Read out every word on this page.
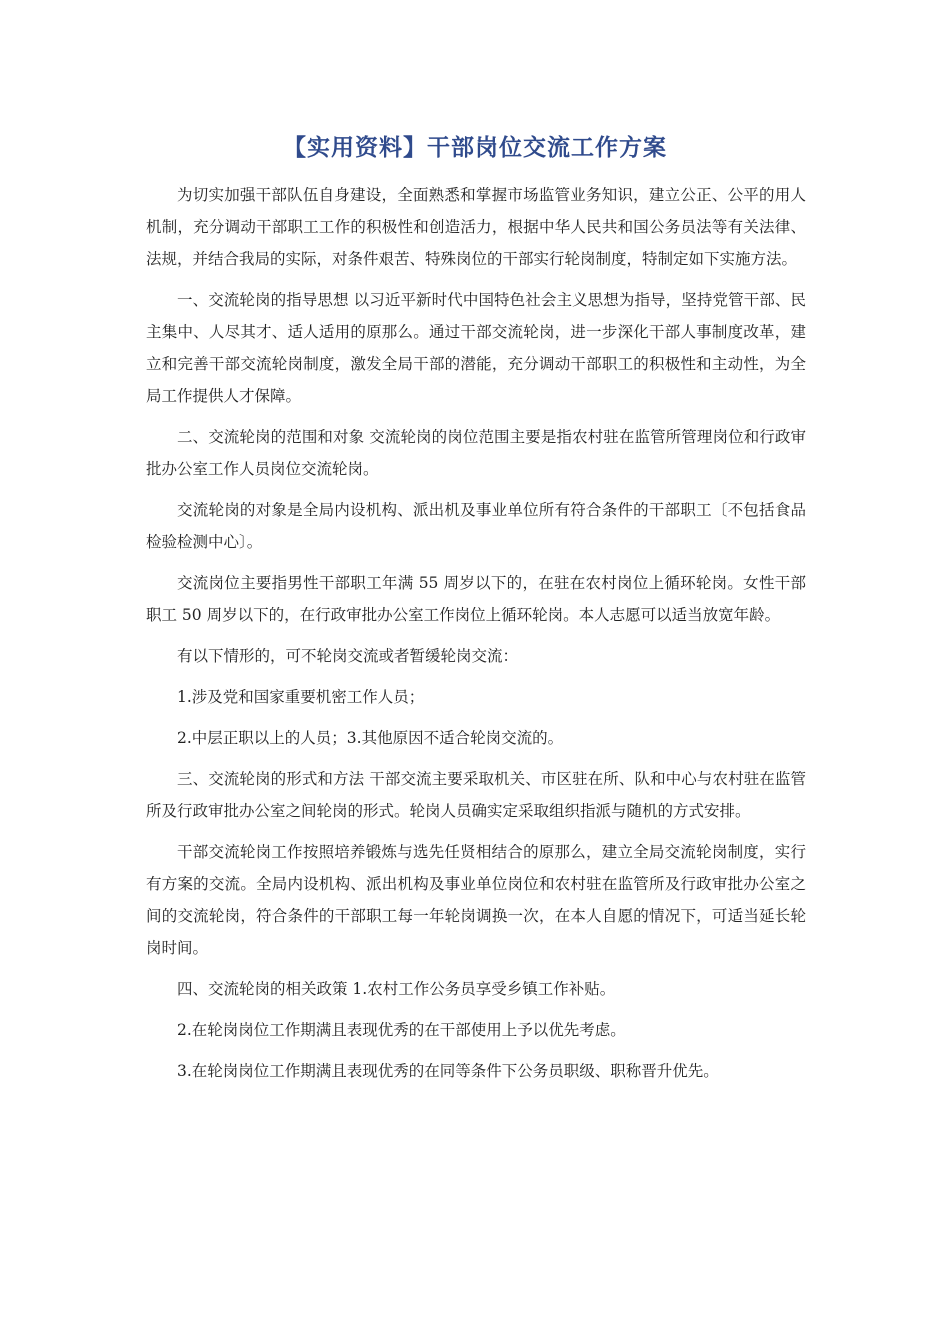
【实用资料】干部岗位交流工作方案

为切实加强干部队伍自身建设，全面熟悉和掌握市场监管业务知识，建立公正、公平的用人机制，充分调动干部职工工作的积极性和创造活力，根据中华人民共和国公务员法等有关法律、法规，并结合我局的实际，对条件艰苦、特殊岗位的干部实行轮岗制度，特制定如下实施方法。

一、交流轮岗的指导思想 以习近平新时代中国特色社会主义思想为指导，坚持党管干部、民主集中、人尽其才、适人适用的原那么。通过干部交流轮岗，进一步深化干部人事制度改革，建立和完善干部交流轮岗制度，激发全局干部的潜能，充分调动干部职工的积极性和主动性，为全局工作提供人才保障。

二、交流轮岗的范围和对象 交流轮岗的岗位范围主要是指农村驻在监管所管理岗位和行政审批办公室工作人员岗位交流轮岗。

交流轮岗的对象是全局内设机构、派出机及事业单位所有符合条件的干部职工〔不包括食品检验检测中心〕。

交流岗位主要指男性干部职工年满 55 周岁以下的，在驻在农村岗位上循环轮岗。女性干部职工 50 周岁以下的，在行政审批办公室工作岗位上循环轮岗。本人志愿可以适当放宽年龄。

有以下情形的，可不轮岗交流或者暂缓轮岗交流：

1.涉及党和国家重要机密工作人员；

2.中层正职以上的人员；3.其他原因不适合轮岗交流的。

三、交流轮岗的形式和方法 干部交流主要采取机关、市区驻在所、队和中心与农村驻在监管所及行政审批办公室之间轮岗的形式。轮岗人员确实定采取组织指派与随机的方式安排。

干部交流轮岗工作按照培养锻炼与选先任贤相结合的原那么，建立全局交流轮岗制度，实行有方案的交流。全局内设机构、派出机构及事业单位岗位和农村驻在监管所及行政审批办公室之间的交流轮岗，符合条件的干部职工每一年轮岗调换一次，在本人自愿的情况下，可适当延长轮岗时间。

四、交流轮岗的相关政策 1.农村工作公务员享受乡镇工作补贴。

2.在轮岗岗位工作期满且表现优秀的在干部使用上予以优先考虑。

3.在轮岗岗位工作期满且表现优秀的在同等条件下公务员职级、职称晋升优先。
